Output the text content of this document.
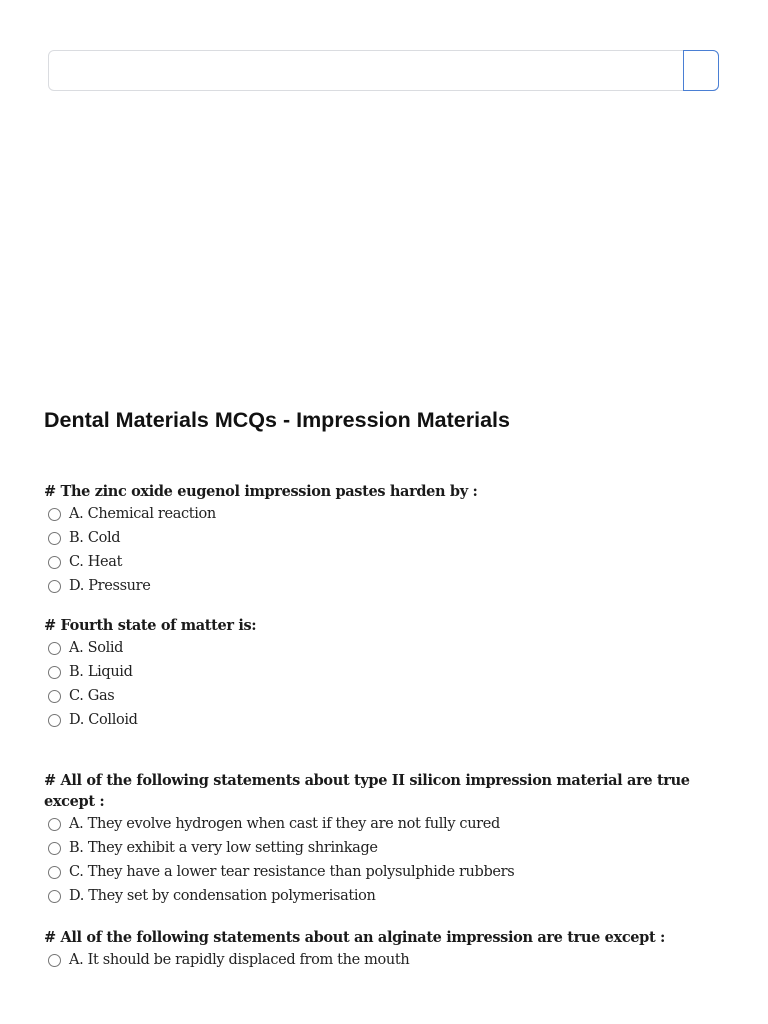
Dental Materials MCQs - Impression Materials

# The zinc oxide eugenol impression pastes harden by :

A. Chemical reaction
B. Cold
C. Heat
D. Pressure

# Fourth state of matter is:

A. Solid
B. Liquid
C. Gas
D. Colloid

# All of the following statements about type II silicon impression material are true except :

A. They evolve hydrogen when cast if they are not fully cured
B. They exhibit a very low setting shrinkage
C. They have a lower tear resistance than polysulphide rubbers
D. They set by condensation polymerisation

# All of the following statements about an alginate impression are true except :

A. It should be rapidly displaced from the mouth
